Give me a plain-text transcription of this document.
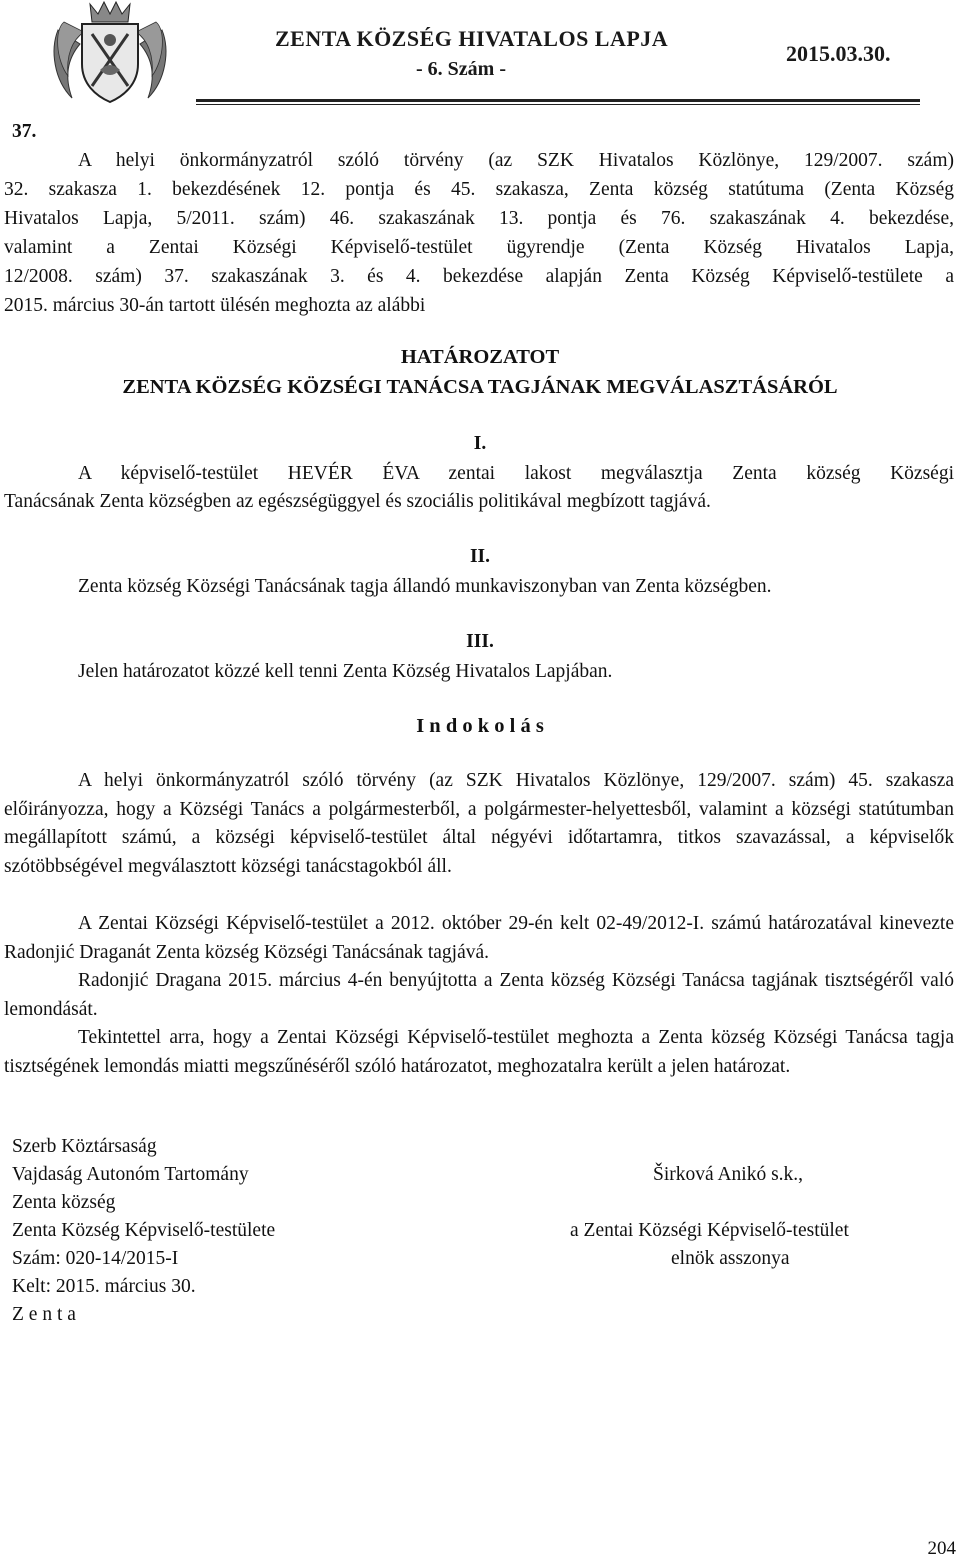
ZENTA KÖZSÉG HIVATALOS LAPJA
- 6. Szám -
2015.03.30.
37.
A helyi önkormányzatról szóló törvény (az SZK Hivatalos Közlönye, 129/2007. szám)
32. szakasza 1. bekezdésének 12. pontja és 45. szakasza, Zenta község statútuma (Zenta Község
Hivatalos Lapja, 5/2011. szám) 46. szakaszának 13. pontja és 76. szakaszának 4. bekezdése,
valamint a Zentai Községi Képviselő-testület ügyrendje (Zenta Község Hivatalos Lapja,
12/2008. szám) 37. szakaszának 3. és 4. bekezdése alapján Zenta Község Képviselő-testülete a
2015. március 30-án tartott ülésén meghozta az alábbi
HATÁROZATOT
ZENTA KÖZSÉG KÖZSÉGI TANÁCSA TAGJÁNAK MEGVÁLASZTÁSÁRÓL
I.
A képviselő-testület HEVÉR ÉVA zentai lakost megválasztja Zenta község Községi
Tanácsának Zenta községben az egészségüggyel és szociális politikával megbízott tagjává.
II.
Zenta község Községi Tanácsának tagja állandó munkaviszonyban van Zenta községben.
III.
Jelen határozatot közzé kell tenni Zenta Község Hivatalos Lapjában.
I n d o k o l á s
A helyi önkormányzatról szóló törvény (az SZK Hivatalos Közlönye, 129/2007. szám) 45. szakasza előirányozza, hogy a Községi Tanács a polgármesterből, a polgármester-helyettesből, valamint a községi statútumban megállapított számú, a községi képviselő-testület által négyévi időtartamra, titkos szavazással, a képviselők szótöbbségével megválasztott községi tanácstagokból áll.
A Zentai Községi Képviselő-testület a 2012. október 29-én kelt 02-49/2012-I. számú határozatával kinevezte Radonjić Draganát Zenta község Községi Tanácsának tagjává.
Radonjić Dragana 2015. március 4-én benyújtotta a Zenta község Községi Tanácsa tagjának tisztségéről való lemondását.
Tekintettel arra, hogy a Zentai Községi Képviselő-testület meghozta a Zenta község Községi Tanácsa tagja tisztségének lemondás miatti megszűnéséről szóló határozatot, meghozatalra került a jelen határozat.
Szerb Köztársaság
Vajdaság Autonóm Tartomány
Zenta község
Zenta Község Képviselő-testülete
Szám: 020-14/2015-I
Kelt: 2015. március 30.
Z e n t a
Širková Anikó s.k.,
a Zentai Községi Képviselő-testület
elnök asszonya
204
